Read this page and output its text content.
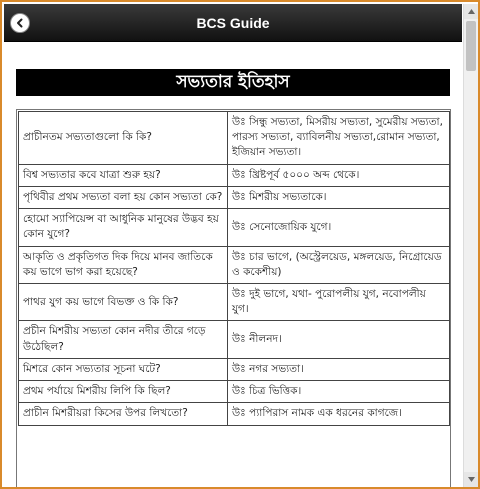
BCS Guide
সভ্যতার ইতিহাস
প্রাচীনতম সভ্যতাগুলো কি কি?	উঃ সিন্ধু সভ্যতা, মিসরীয় সভ্যতা, সুমেরীয় সভ্যতা, পারস্য সভ্যতা, ব্যাবিলনীয় সভ্যতা,রোমান সভ্যতা, ইজিয়ান সভ্যতা।
বিশ্ব সভ্যতার কবে যাত্রা শুরু হয়?	উঃ খ্রিষ্টপূর্ব ৫০০০ অব্দ থেকে।
পৃথিবীর প্রথম সভ্যতা বলা হয় কোন সভ্যতা কে?	উঃ মিশরীয় সভ্যতাকে।
হোমো স্যাপিয়েন্স বা আধুনিক মানুষের উদ্ভব হয় কোন যুগে?	উঃ সেনোজোয়িক যুগে।
আকৃতি ও প্রকৃতিগত দিক দিয়ে মানব জাতিকে কয় ভাগে ভাগ করা হয়েছে?	উঃ চার ভাগে, (অস্ট্রেলয়েড, মঙ্গলয়েড, নিগ্রোয়েড ও ককেশীয়)
পাথর যুগ কয় ভাগে বিভক্ত ও কি কি?	উঃ দুই ভাগে, যথা- পুরোপলীয় যুগ, নবোপলীয় যুগ।
প্রচীন মিশরীয় সভ্যতা কোন নদীর তীরে গড়ে উঠেছিল?	উঃ নীলনদ।
মিশরে কোন সভ্যতার সূচনা ঘটে?	উঃ নগর সভ্যতা।
প্রথম পর্যায়ে মিশরীয় লিপি কি ছিল?	উঃ চিত্র ভিত্তিক।
প্রাচীন মিশরীয়রা কিসের উপর লিখতো?	উঃ প্যাপিরাস নামক এক ধরনের কাগজে।
